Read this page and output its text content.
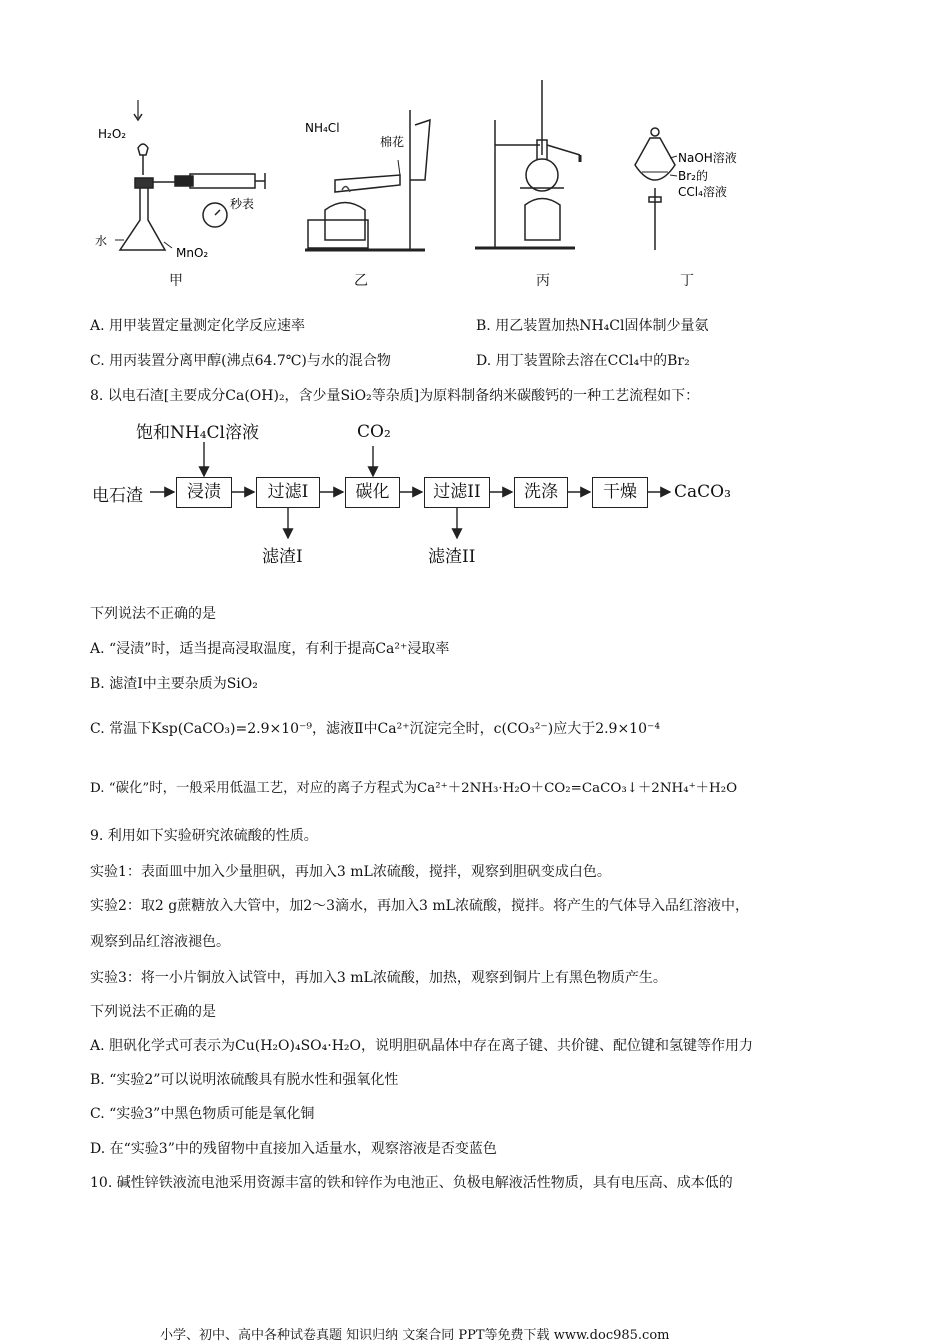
H₂O₂
水
MnO₂
秒表
NH₄Cl
棉花
NaOH溶液
Br₂的
CCl₄溶液
甲	乙	丙	丁
A. 用甲装置定量测定化学反应速率	B. 用乙装置加热NH₄Cl固体制少量氨
C. 用丙装置分离甲醇(沸点64.7℃)与水的混合物	D. 用丁装置除去溶在CCl₄中的Br₂
8. 以电石渣[主要成分Ca(OH)₂，含少量SiO₂等杂质]为原料制备纳米碳酸钙的一种工艺流程如下：
饱和NH₄Cl溶液	CO₂
电石渣	浸渍	过滤I	碳化	过滤II	洗涤	干燥	CaCO₃
滤渣I	滤渣II
下列说法不正确的是
A. “浸渍”时，适当提高浸取温度，有利于提高Ca²⁺浸取率
B. 滤渣Ⅰ中主要杂质为SiO₂
C. 常温下Ksp(CaCO₃)=2.9×10⁻⁹，滤液Ⅱ中Ca²⁺沉淀完全时，c(CO₃²⁻)应大于2.9×10⁻⁴
D. “碳化”时，一般采用低温工艺，对应的离子方程式为Ca²⁺＋2NH₃·H₂O＋CO₂=CaCO₃↓＋2NH₄⁺＋H₂O
9. 利用如下实验研究浓硫酸的性质。
实验1：表面皿中加入少量胆矾，再加入3 mL浓硫酸，搅拌，观察到胆矾变成白色。
实验2：取2 g蔗糖放入大管中，加2～3滴水，再加入3 mL浓硫酸，搅拌。将产生的气体导入品红溶液中，
观察到品红溶液褪色。
实验3：将一小片铜放入试管中，再加入3 mL浓硫酸，加热，观察到铜片上有黑色物质产生。
下列说法不正确的是
A. 胆矾化学式可表示为Cu(H₂O)₄SO₄·H₂O，说明胆矾晶体中存在离子键、共价键、配位键和氢键等作用力
B. “实验2”可以说明浓硫酸具有脱水性和强氧化性
C. “实验3”中黑色物质可能是氧化铜
D. 在“实验3”中的残留物中直接加入适量水，观察溶液是否变蓝色
10. 碱性锌铁液流电池采用资源丰富的铁和锌作为电池正、负极电解液活性物质，具有电压高、成本低的
小学、初中、高中各种试卷真题 知识归纳 文案合同 PPT等免费下载 www.doc985.com
